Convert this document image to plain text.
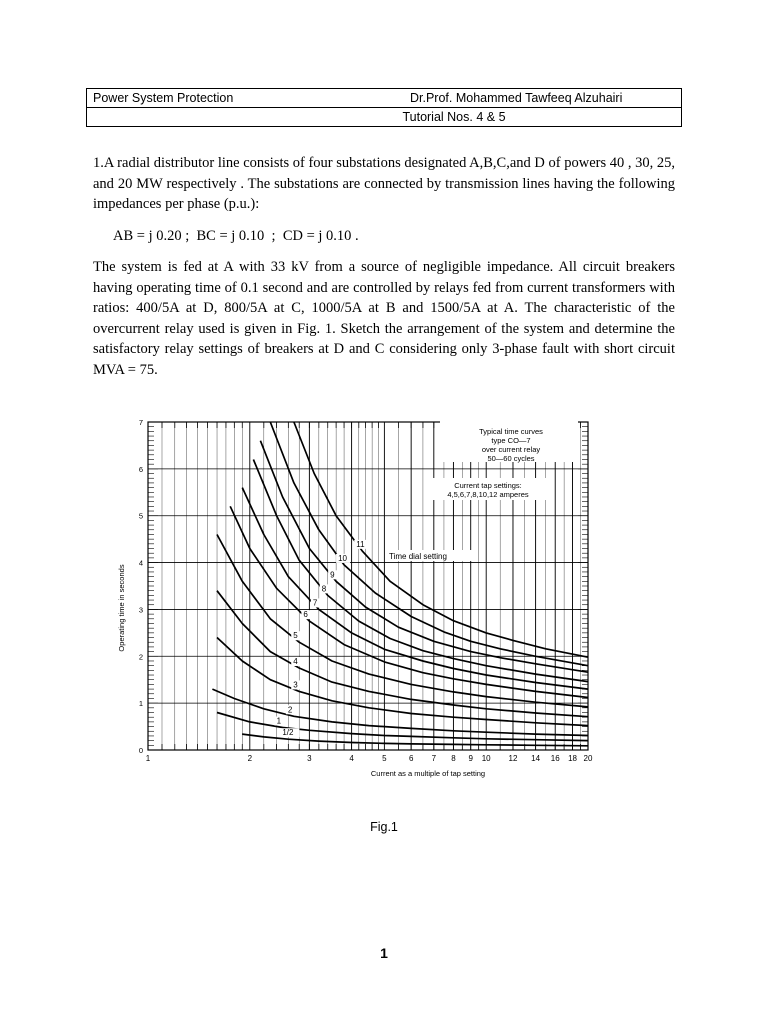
Power System Protection	Dr.Prof. Mohammed Tawfeeq Alzuhairi
Tutorial Nos. 4 & 5

1.A radial distributor line consists of four substations designated A,B,C,and D of powers 40 , 30, 25, and 20 MW respectively . The substations are connected by transmission lines having the following impedances per phase (p.u.):

AB = j 0.20 ;  BC = j 0.10  ;  CD = j 0.10 .

The system is fed at A with 33 kV from a source of negligible impedance. All circuit breakers having operating time of 0.1 second and are controlled by relays fed from current transformers with ratios: 400/5A at D, 800/5A at C, 1000/5A at B and 1500/5A at A. The characteristic of the overcurrent relay used is given in Fig. 1. Sketch the arrangement of the system and determine the satisfactory relay settings of breakers at D and C considering only 3-phase fault with short circuit MVA = 75.

1	2	3	4	5	6 7 8 9 10 12 14 16 18 20
0
1
2
3
4
5
6
7
1/2
1
2
3
4
5
6
7
8
9
10
11
Typical time curves
type CO—7
over current relay
50—60 cycles
Current tap settings:
4,5,6,7,8,10,12 amperes
Time dial setting
Current as a multiple of tap setting
Operating time in seconds
Fig.1
1
